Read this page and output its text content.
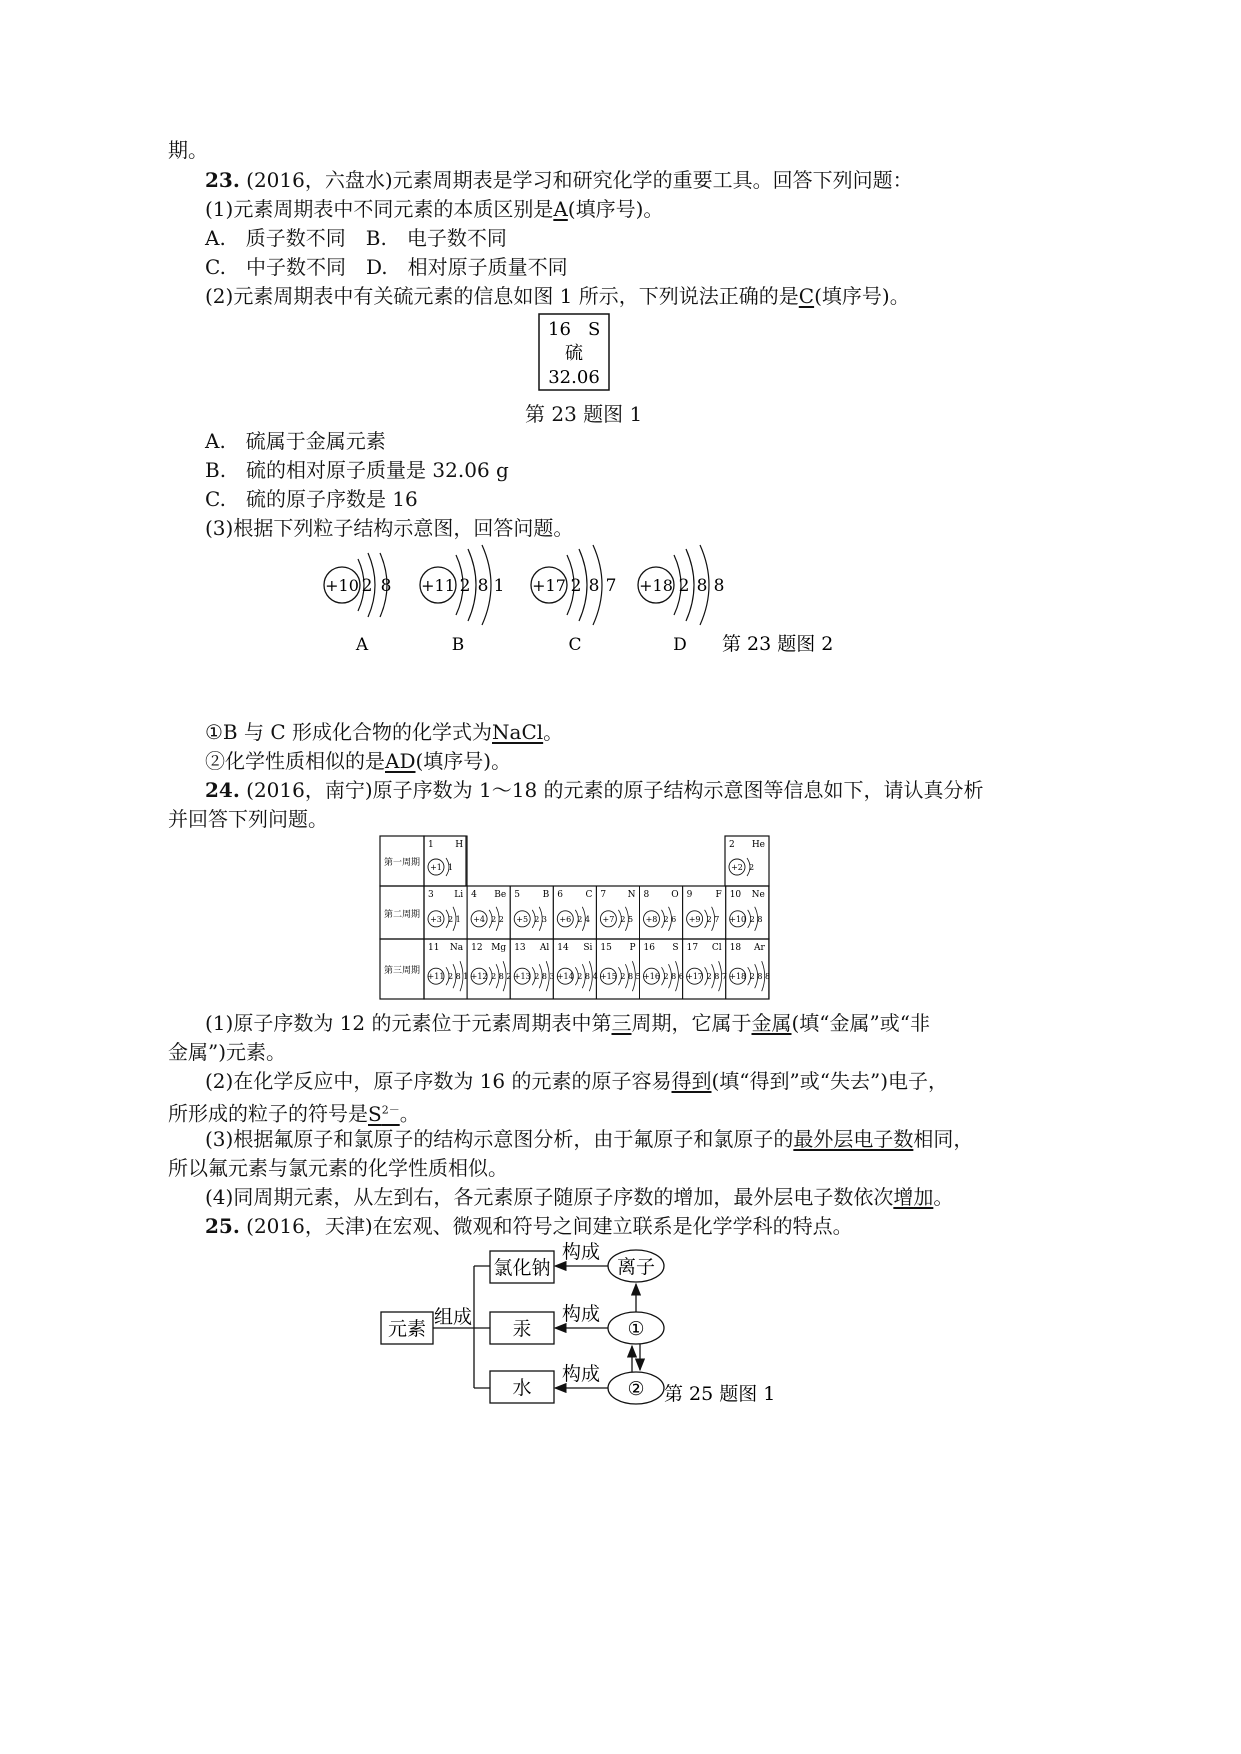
期。
23. (2016，六盘水)元素周期表是学习和研究化学的重要工具。回答下列问题：
(1)元素周期表中不同元素的本质区别是A(填序号)。
A.　质子数不同　B.　电子数不同
C.　中子数不同　D.　相对原子质量不同
(2)元素周期表中有关硫元素的信息如图 1 所示，下列说法正确的是C(填序号)。
16 S
硫
32.06
第 23 题图 1
A.　硫属于金属元素
B.　硫的相对原子质量是 32.06 g
C.　硫的原子序数是 16
(3)根据下列粒子结构示意图，回答问题。
+10 2 8
A
+11 2 8 1
B
+17 2 8 7
C
+18 2 8 8
D 第 23 题图 2
①B 与 C 形成化合物的化学式为NaCl。
②化学性质相似的是AD(填序号)。
24. (2016，南宁)原子序数为 1～18 的元素的原子结构示意图等信息如下，请认真分析
并回答下列问题。
第一周期
第二周期
第三周期
1 H
+1 1
2 He
+2 2
3 Li
+3 2 1
4 Be
+4 2 2
5	B
+5 2 3
6 C
+6 2 4
7 N
+7 2 5
8 O
+8 2 6
9	F
+9 2 7
10 Ne
+10 2 8
11 Na
+11 2 8 1
12 Mg
+12 2 8 2
13 Al
+13 2 8 3
14 Si
+14 2 8 4
15 P
+15 2 8 5
16 S
+16 2 8 6
17 Cl
+17 2 8 7
18 Ar
+18 2 8 8
(1)原子序数为 12 的元素位于元素周期表中第三周期，它属于金属(填“金属”或“非
金属”)元素。
(2)在化学反应中，原子序数为 16 的元素的原子容易得到(填“得到”或“失去”)电子，
所形成的粒子的符号是$S^{2-}$。
(3)根据氟原子和氯原子的结构示意图分析，由于氟原子和氯原子的最外层电子数相同，
所以氟元素与氯元素的化学性质相似。
(4)同周期元素，从左到右，各元素原子随原子序数的增加，最外层电子数依次增加。
25. (2016，天津)在宏观、微观和符号之间建立联系是化学学科的特点。
元素
组成
氯化钠
汞
水
构成
构成
构成
离子
①
② 第 25 题图 1
